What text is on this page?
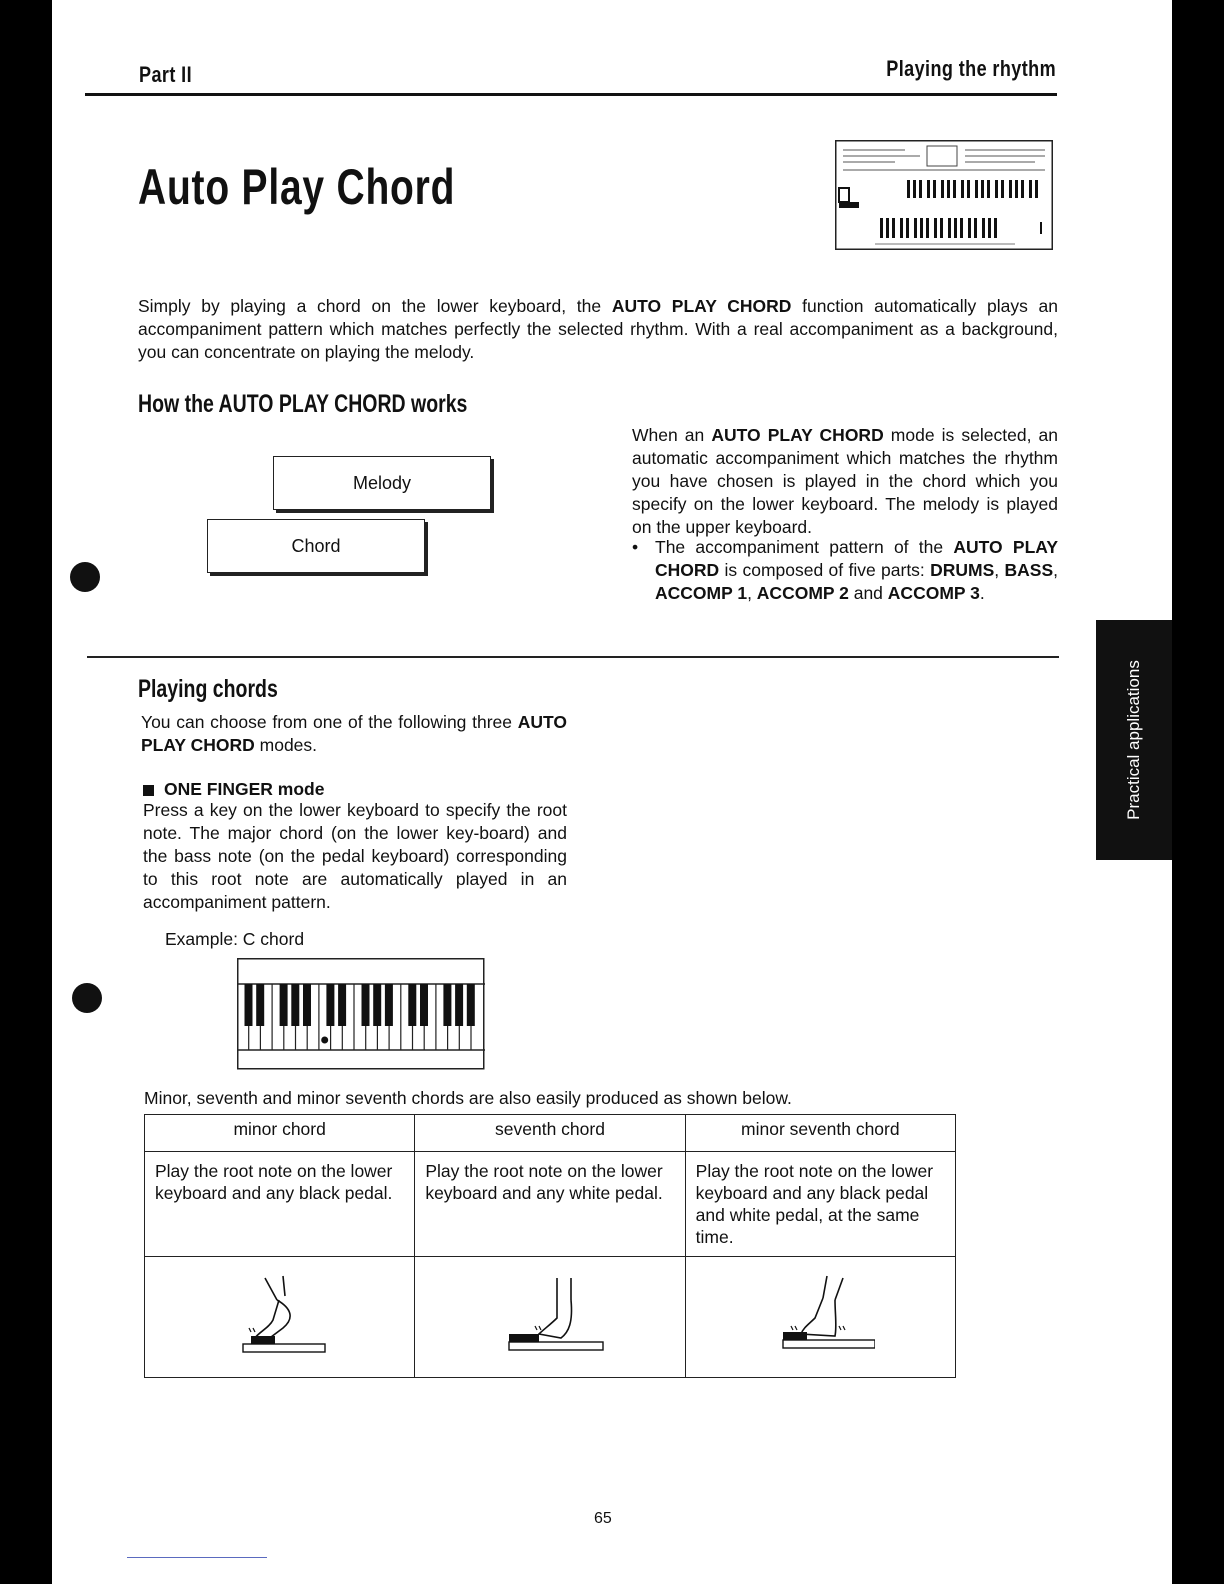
Part II	Playing the rhythm
Auto Play Chord
Simply by playing a chord on the lower keyboard, the AUTO PLAY CHORD function automatically plays an accompaniment pattern which matches perfectly the selected rhythm. With a real accompaniment as a background, you can concentrate on playing the melody.
How the AUTO PLAY CHORD works
Melody
Chord
When an AUTO PLAY CHORD mode is selected, an automatic accompaniment which matches the rhythm you have chosen is played in the chord which you specify on the lower keyboard. The melody is played on the upper keyboard.
• The accompaniment pattern of the AUTO PLAY CHORD is composed of five parts: DRUMS, BASS, ACCOMP 1, ACCOMP 2 and ACCOMP 3.
Playing chords
You can choose from one of the following three AUTO PLAY CHORD modes.
ONE FINGER mode
Press a key on the lower keyboard to specify the root note. The major chord (on the lower key-board) and the bass note (on the pedal keyboard) corresponding to this root note are automatically played in an accompaniment pattern.
Example: C chord
Minor, seventh and minor seventh chords are also easily produced as shown below.
minor chord	seventh chord	minor seventh chord
Play the root note on the lower keyboard and any black pedal.	Play the root note on the lower keyboard and any white pedal.	Play the root note on the lower keyboard and any black pedal and white pedal, at the same time.

Practical applications
65
